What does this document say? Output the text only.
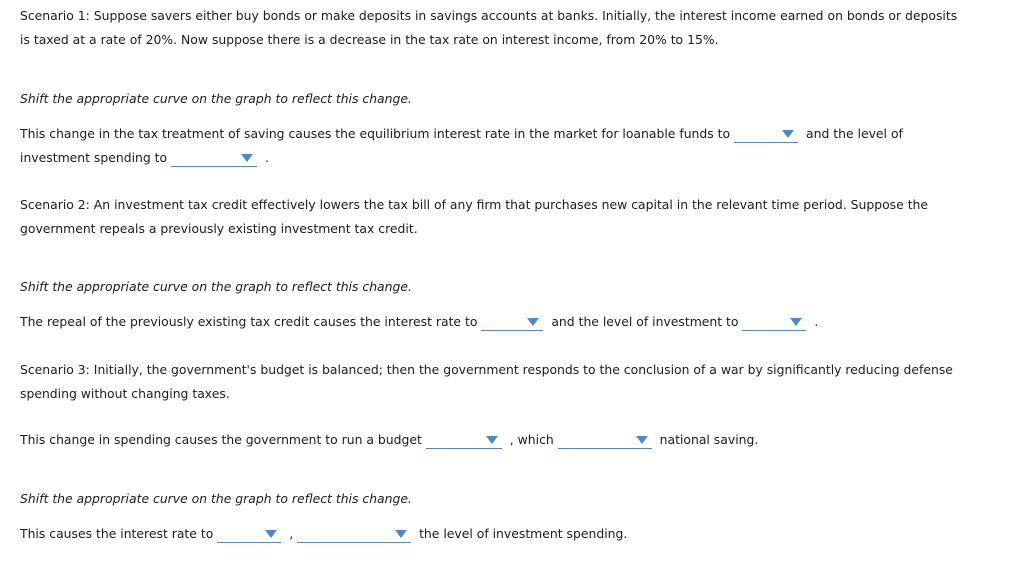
Scenario 1: Suppose savers either buy bonds or make deposits in savings accounts at banks. Initially, the interest income earned on bonds or deposits
is taxed at a rate of 20%. Now suppose there is a decrease in the tax rate on interest income, from 20% to 15%.
Shift the appropriate curve on the graph to reflect this change.
This change in the tax treatment of saving causes the equilibrium interest rate in the market for loanable funds to	and the level of
investment spending to	.
Scenario 2: An investment tax credit effectively lowers the tax bill of any firm that purchases new capital in the relevant time period. Suppose the
government repeals a previously existing investment tax credit.
Shift the appropriate curve on the graph to reflect this change.
The repeal of the previously existing tax credit causes the interest rate to	and the level of investment to	.
Scenario 3: Initially, the government's budget is balanced; then the government responds to the conclusion of a war by significantly reducing defense
spending without changing taxes.
This change in spending causes the government to run a budget	, which	national saving.
Shift the appropriate curve on the graph to reflect this change.
This causes the interest rate to	,	the level of investment spending.
